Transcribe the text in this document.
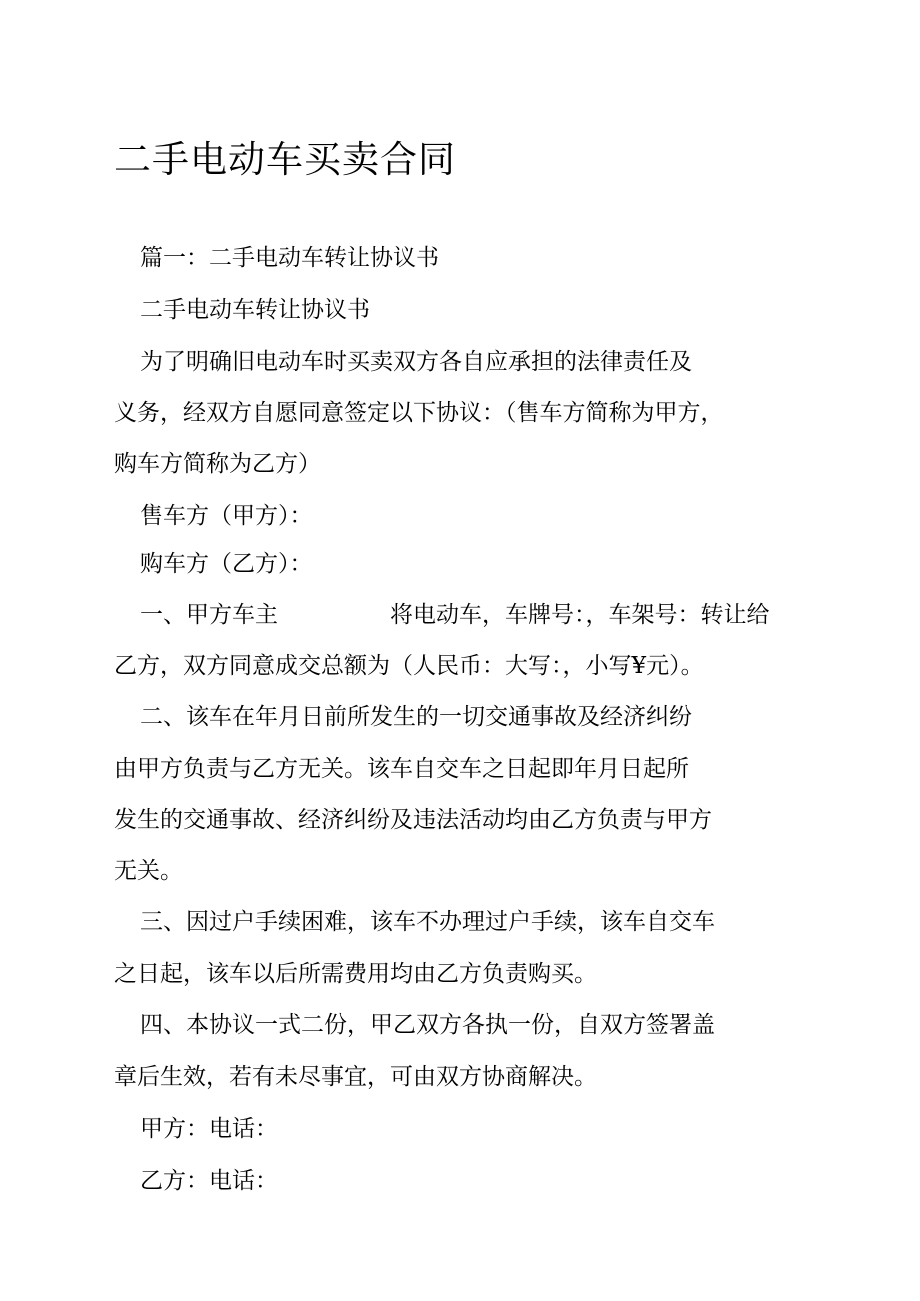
二手电动车买卖合同

篇一：二手电动车转让协议书

二手电动车转让协议书

为了明确旧电动车时买卖双方各自应承担的法律责任及

义务，经双方自愿同意签定以下协议：（售车方简称为甲方，

购车方简称为乙方）

售车方（甲方）：

购车方（乙方）：

一、甲方车主	将电动车，车牌号：，车架号：转让给

乙方，双方同意成交总额为（人民币：大写：，小写¥元）。

二、该车在年月日前所发生的一切交通事故及经济纠纷

由甲方负责与乙方无关。该车自交车之日起即年月日起所

发生的交通事故、经济纠纷及违法活动均由乙方负责与甲方

无关。

三、因过户手续困难，该车不办理过户手续，该车自交车

之日起，该车以后所需费用均由乙方负责购买。

四、本协议一式二份，甲乙双方各执一份，自双方签署盖

章后生效，若有未尽事宜，可由双方协商解决。

甲方：电话：

乙方：电话：
